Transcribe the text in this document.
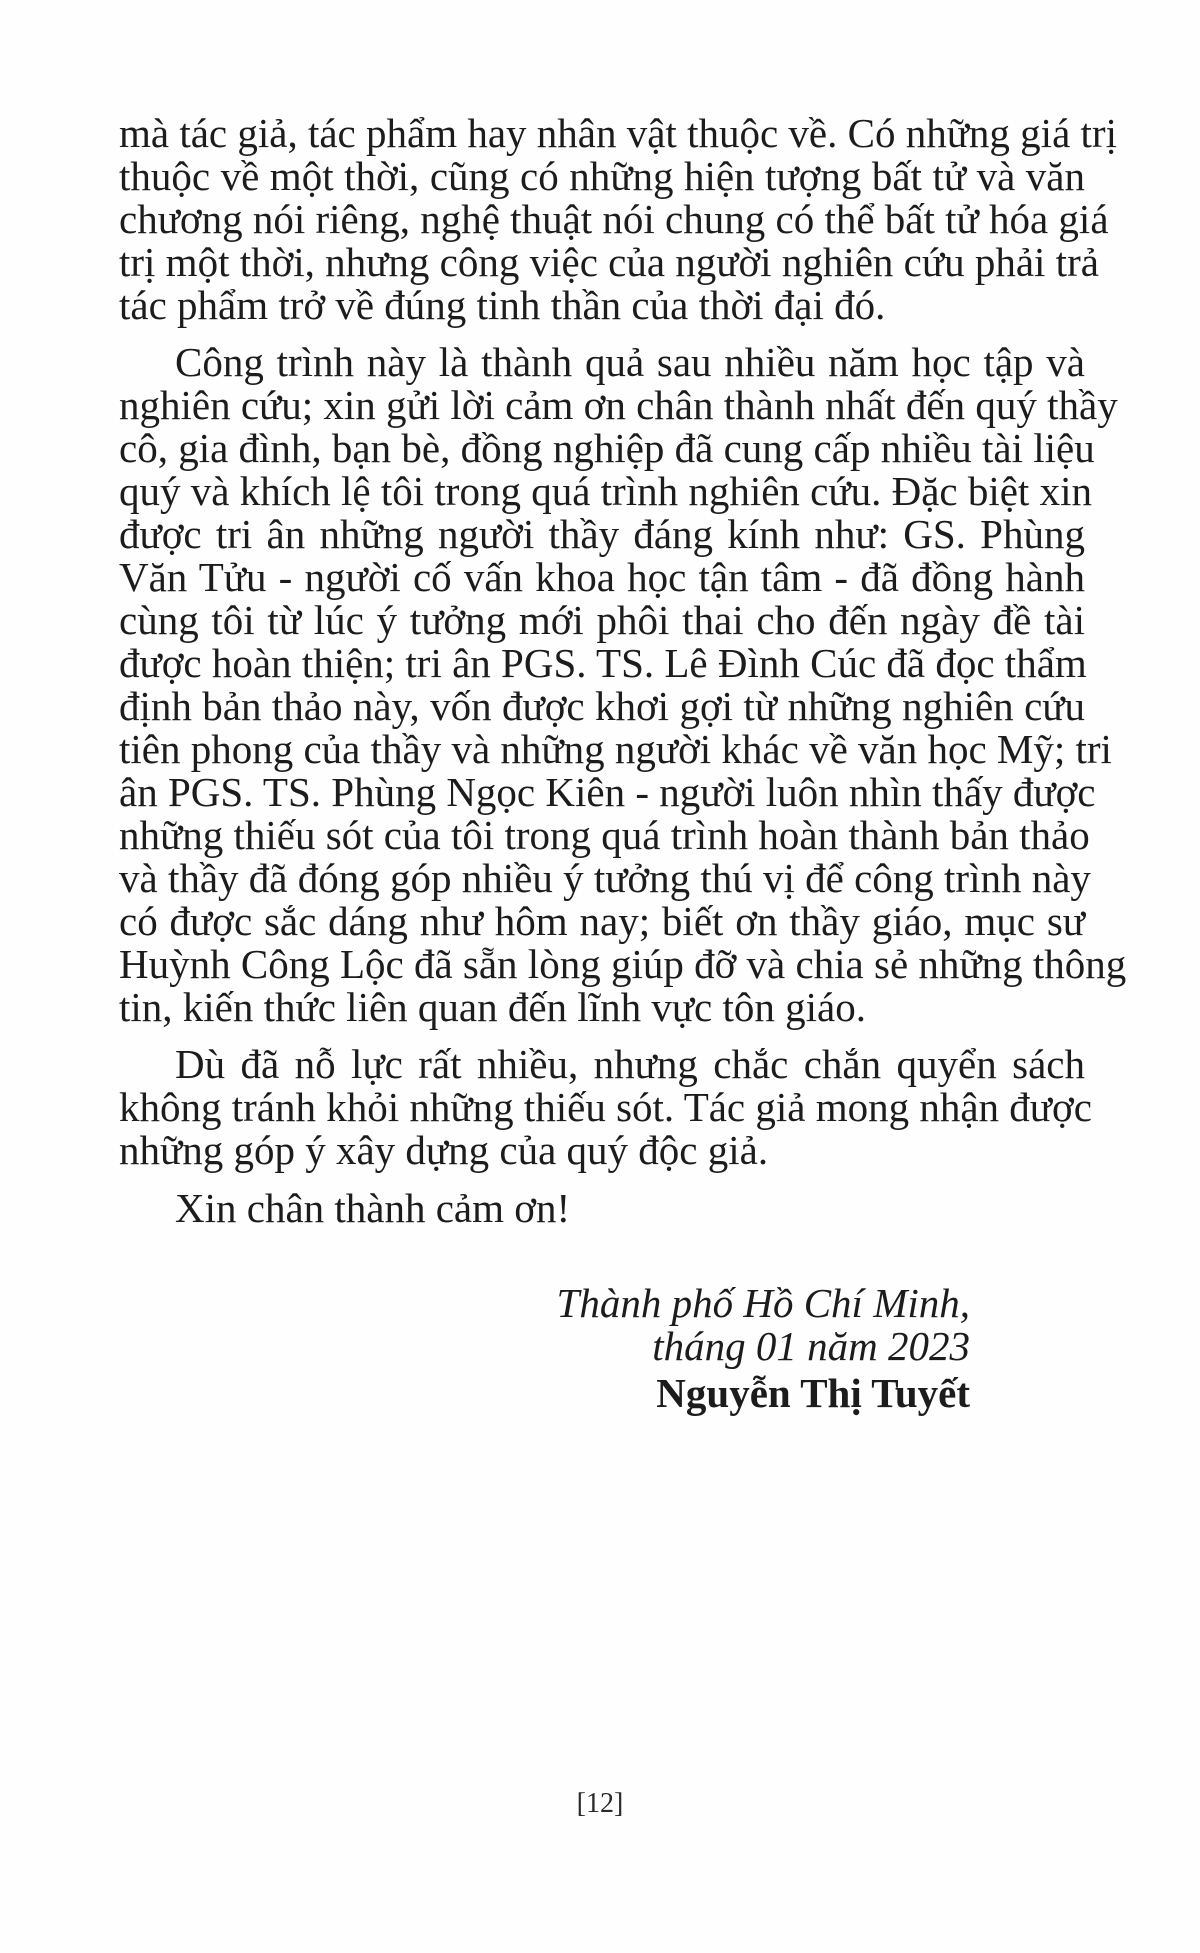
mà tác giả, tác phẩm hay nhân vật thuộc về. Có những giá trị
thuộc về một thời, cũng có những hiện tượng bất tử và văn
chương nói riêng, nghệ thuật nói chung có thể bất tử hóa giá
trị một thời, nhưng công việc của người nghiên cứu phải trả
tác phẩm trở về đúng tinh thần của thời đại đó.
Công trình này là thành quả sau nhiều năm học tập và
nghiên cứu; xin gửi lời cảm ơn chân thành nhất đến quý thầy
cô, gia đình, bạn bè, đồng nghiệp đã cung cấp nhiều tài liệu
quý và khích lệ tôi trong quá trình nghiên cứu. Đặc biệt xin
được tri ân những người thầy đáng kính như: GS. Phùng
Văn Tửu - người cố vấn khoa học tận tâm - đã đồng hành
cùng tôi từ lúc ý tưởng mới phôi thai cho đến ngày đề tài
được hoàn thiện; tri ân PGS. TS. Lê Đình Cúc đã đọc thẩm
định bản thảo này, vốn được khơi gợi từ những nghiên cứu
tiên phong của thầy và những người khác về văn học Mỹ; tri
ân PGS. TS. Phùng Ngọc Kiên - người luôn nhìn thấy được
những thiếu sót của tôi trong quá trình hoàn thành bản thảo
và thầy đã đóng góp nhiều ý tưởng thú vị để công trình này
có được sắc dáng như hôm nay; biết ơn thầy giáo, mục sư
Huỳnh Công Lộc đã sẵn lòng giúp đỡ và chia sẻ những thông
tin, kiến thức liên quan đến lĩnh vực tôn giáo.
Dù đã nỗ lực rất nhiều, nhưng chắc chắn quyển sách
không tránh khỏi những thiếu sót. Tác giả mong nhận được
những góp ý xây dựng của quý độc giả.
Xin chân thành cảm ơn!
Thành phố Hồ Chí Minh,
tháng 01 năm 2023
Nguyễn Thị Tuyết
[12]
